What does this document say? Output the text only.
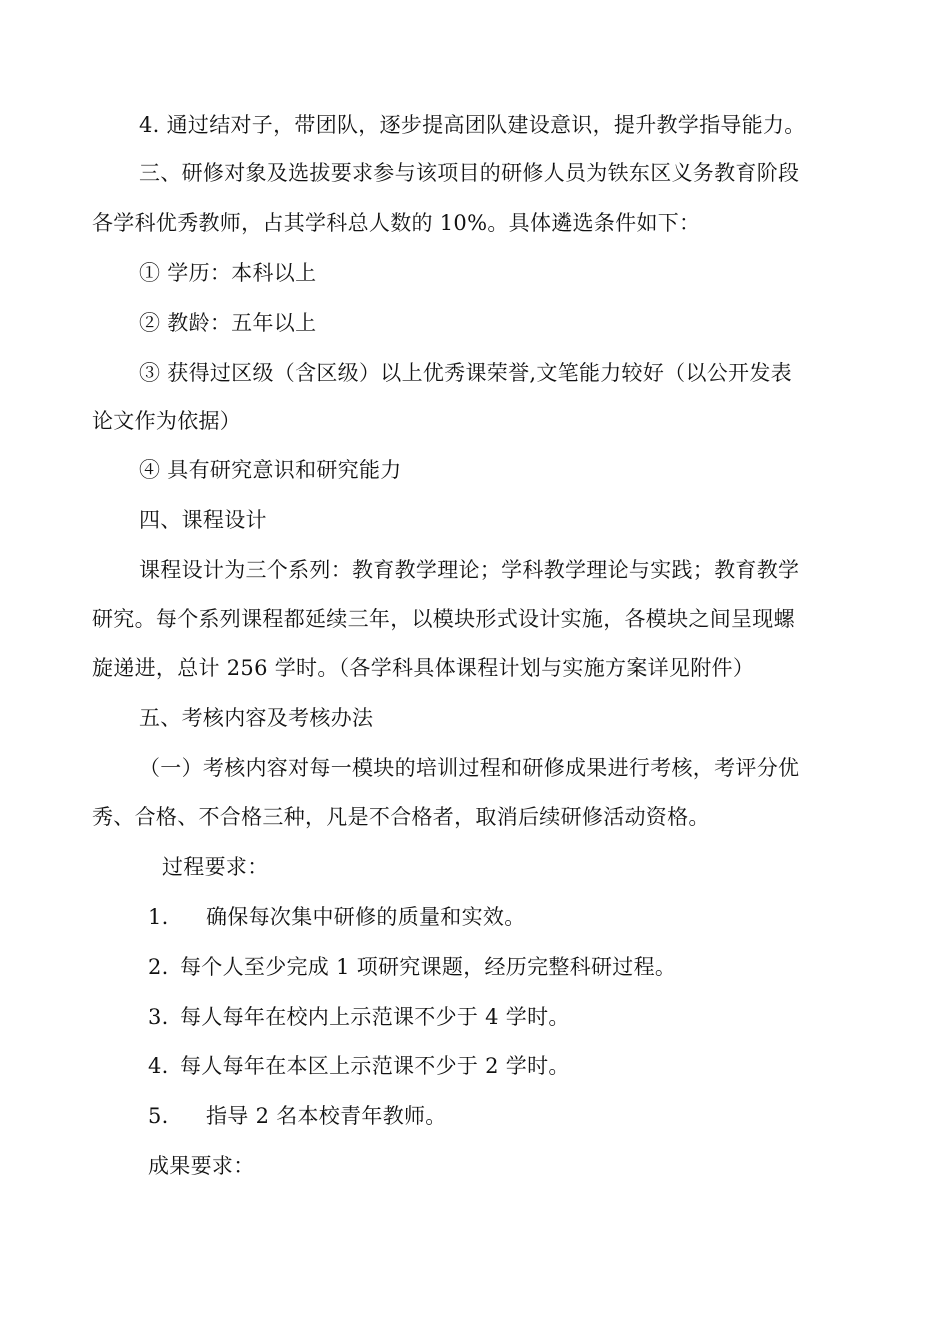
4. 通过结对子，带团队，逐步提高团队建设意识，提升教学指导能力。
三、研修对象及选拔要求参与该项目的研修人员为铁东区义务教育阶段
各学科优秀教师，占其学科总人数的 10%。具体遴选条件如下：
① 学历：本科以上
② 教龄：五年以上
③ 获得过区级（含区级）以上优秀课荣誉,文笔能力较好（以公开发表
论文作为依据）
④ 具有研究意识和研究能力
四、课程设计
课程设计为三个系列：教育教学理论；学科教学理论与实践；教育教学
研究。每个系列课程都延续三年，以模块形式设计实施，各模块之间呈现螺
旋递进，总计 256 学时。（各学科具体课程计划与实施方案详见附件）
五、考核内容及考核办法
（一）考核内容对每一模块的培训过程和研修成果进行考核，考评分优
秀、合格、不合格三种，凡是不合格者，取消后续研修活动资格。
过程要求：
1. 确保每次集中研修的质量和实效。
2. 每个人至少完成 1 项研究课题，经历完整科研过程。
3. 每人每年在校内上示范课不少于 4 学时。
4. 每人每年在本区上示范课不少于 2 学时。
5. 指导 2 名本校青年教师。
成果要求：
